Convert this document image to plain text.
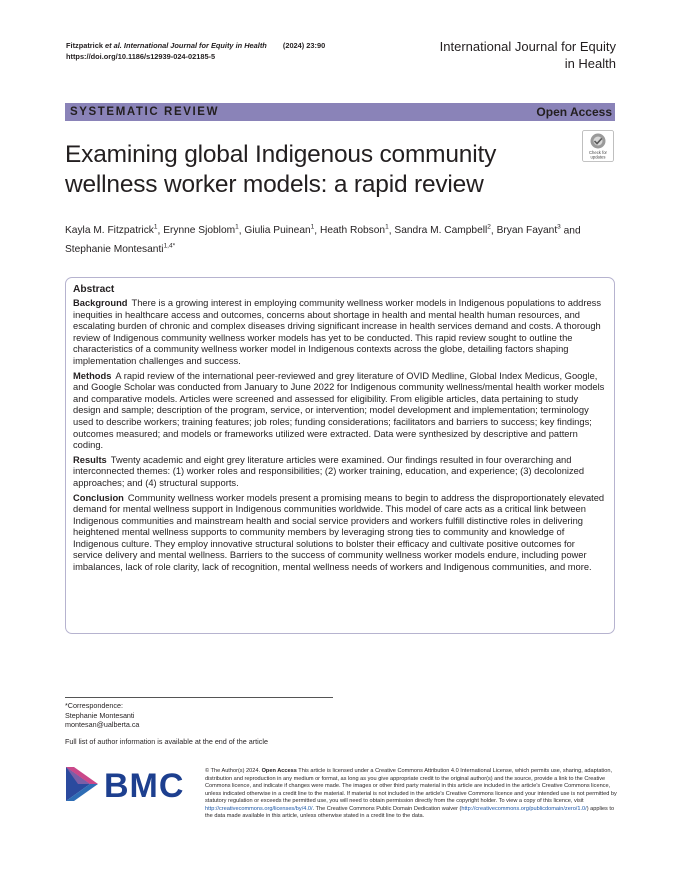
Fitzpatrick et al. International Journal for Equity in Health (2024) 23:90
https://doi.org/10.1186/s12939-024-02185-5
International Journal for Equity
in Health
SYSTEMATIC REVIEW	Open Access
Examining global Indigenous community
wellness worker models: a rapid review
Check for
updates
Kayla M. Fitzpatrick$^1$, Erynne Sjoblom$^1$, Giulia Puinean$^1$, Heath Robson$^1$, Sandra M. Campbell$^2$, Bryan Fayant$^3$ and Stephanie Montesanti$^{1,4*}$
Abstract

Background There is a growing interest in employing community wellness worker models in Indigenous populations to address inequities in healthcare access and outcomes, concerns about shortage in health and mental health human resources, and escalating burden of chronic and complex diseases driving significant increase in health services demand and costs. A thorough review of Indigenous community wellness worker models has yet to be conducted. This rapid review sought to outline the characteristics of a community wellness worker model in Indigenous contexts across the globe, detailing factors shaping implementation challenges and success.

Methods A rapid review of the international peer-reviewed and grey literature of OVID Medline, Global Index Medicus, Google, and Google Scholar was conducted from January to June 2022 for Indigenous community wellness/mental health worker models and comparative models. Articles were screened and assessed for eligibility. From eligible articles, data pertaining to study design and sample; description of the program, service, or intervention; model development and implementation; terminology used to describe workers; training features; job roles; funding considerations; facilitators and barriers to success; key findings; outcomes measured; and models or frameworks utilized were extracted. Data were synthesized by descriptive and pattern coding.

Results Twenty academic and eight grey literature articles were examined. Our findings resulted in four overarching and interconnected themes: (1) worker roles and responsibilities; (2) worker training, education, and experience; (3) decolonized approaches; and (4) structural supports.

Conclusion Community wellness worker models present a promising means to begin to address the disproportionately elevated demand for mental wellness support in Indigenous communities worldwide. This model of care acts as a critical link between Indigenous communities and mainstream health and social service providers and workers fulfill distinctive roles in delivering heightened mental wellness supports to community members by leveraging strong ties to community and knowledge of Indigenous culture. They employ innovative structural solutions to bolster their efficacy and cultivate positive outcomes for service delivery and mental wellness. Barriers to the success of community wellness worker models endure, including power imbalances, lack of role clarity, lack of recognition, mental wellness needs of workers and Indigenous communities, and more.

*Correspondence:
Stephanie Montesanti
montesan@ualberta.ca
Full list of author information is available at the end of the article
BMC	© The Author(s) 2024. Open Access This article is licensed under a Creative Commons Attribution 4.0 International License, which permits use, sharing, adaptation, distribution and reproduction in any medium or format, as long as you give appropriate credit to the original author(s) and the source, provide a link to the Creative Commons licence, and indicate if changes were made. The images or other third party material in this article are included in the article's Creative Commons licence, unless indicated otherwise in a credit line to the material. If material is not included in the article's Creative Commons licence and your intended use is not permitted by statutory regulation or exceeds the permitted use, you will need to obtain permission directly from the copyright holder. To view a copy of this licence, visit http://creativecommons.org/licenses/by/4.0/. The Creative Commons Public Domain Dedication waiver (http://creativecommons.org/publicdomain/zero/1.0/) applies to the data made available in this article, unless otherwise stated in a credit line to the data.
